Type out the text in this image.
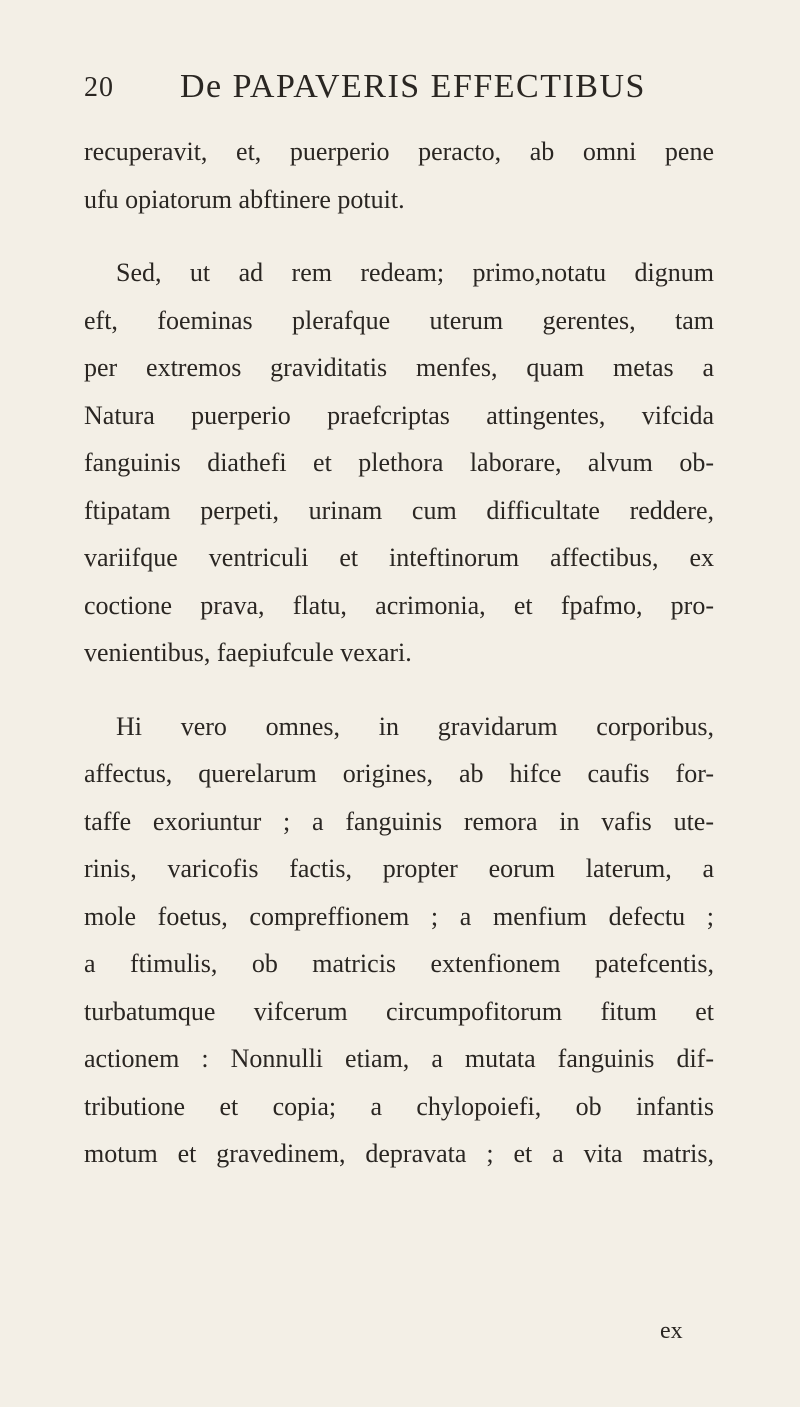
20 De PAPAVERIS EFFECTIBUS
recuperavit, et, puerperio peracto, ab omni pene
ufu opiatorum abftinere potuit.
Sed, ut ad rem redeam; primo,notatu dignum
eft, foeminas plerafque uterum gerentes, tam
per extremos graviditatis menfes, quam metas a
Natura puerperio praefcriptas attingentes, vifcida
fanguinis diathefi et plethora laborare, alvum ob-
ftipatam perpeti, urinam cum difficultate reddere,
variifque ventriculi et inteftinorum affectibus, ex
coctione prava, flatu, acrimonia, et fpafmo, pro-
venientibus, faepiufcule vexari.
Hi vero omnes, in gravidarum corporibus,
affectus, querelarum origines, ab hifce caufis for-
taffe exoriuntur ; a fanguinis remora in vafis ute-
rinis, varicofis factis, propter eorum laterum, a
mole foetus, compreffionem ; a menfium defectu ;
a ftimulis, ob matricis extenfionem patefcentis,
turbatumque vifcerum circumpofitorum fitum et
actionem : Nonnulli etiam, a mutata fanguinis dif-
tributione et copia; a chylopoiefi, ob infantis
motum et gravedinem, depravata ; et a vita matris,
ex
